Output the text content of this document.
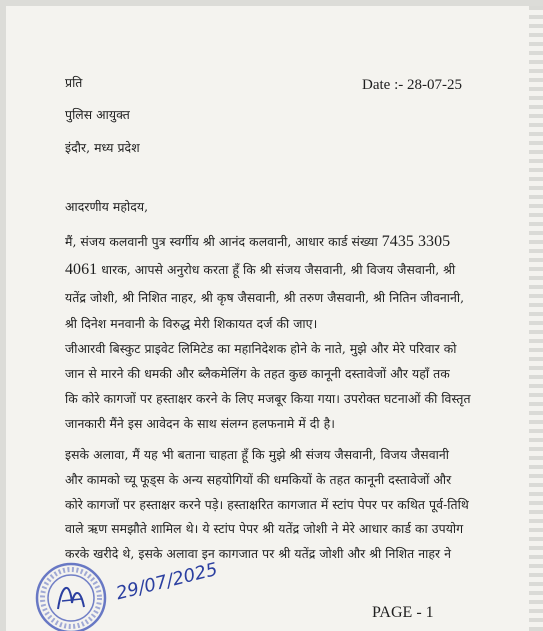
प्रति	Date :- 28-07-25
पुलिस आयुक्त
इंदौर, मध्य प्रदेश
आदरणीय महोदय,
मैं, संजय कलवानी पुत्र स्वर्गीय श्री आनंद कलवानी, आधार कार्ड संख्या 7435 3305
4061 धारक, आपसे अनुरोध करता हूँ कि श्री संजय जैसवानी, श्री विजय जैसवानी, श्री
यतेंद्र जोशी, श्री निशित नाहर, श्री कृष जैसवानी, श्री तरुण जैसवानी, श्री नितिन जीवनानी,
श्री दिनेश मनवानी के विरुद्ध मेरी शिकायत दर्ज की जाए।
जीआरवी बिस्कुट प्राइवेट लिमिटेड का महानिदेशक होने के नाते, मुझे और मेरे परिवार को
जान से मारने की धमकी और ब्लैकमेलिंग के तहत कुछ कानूनी दस्तावेजों और यहाँ तक
कि कोरे कागजों पर हस्ताक्षर करने के लिए मजबूर किया गया। उपरोक्त घटनाओं की विस्तृत
जानकारी मैंने इस आवेदन के साथ संलग्न हलफनामे में दी है।
इसके अलावा, मैं यह भी बताना चाहता हूँ कि मुझे श्री संजय जैसवानी, विजय जैसवानी
और कामको च्यू फूड्स के अन्य सहयोगियों की धमकियों के तहत कानूनी दस्तावेजों और
कोरे कागजों पर हस्ताक्षर करने पड़े। हस्ताक्षरित कागजात में स्टांप पेपर पर कथित पूर्व-तिथि
वाले ऋण समझौते शामिल थे। ये स्टांप पेपर श्री यतेंद्र जोशी ने मेरे आधार कार्ड का उपयोग
करके खरीदे थे, इसके अलावा इन कागजात पर श्री यतेंद्र जोशी और श्री निशित नाहर ने
29/07/2025
PAGE - 1
